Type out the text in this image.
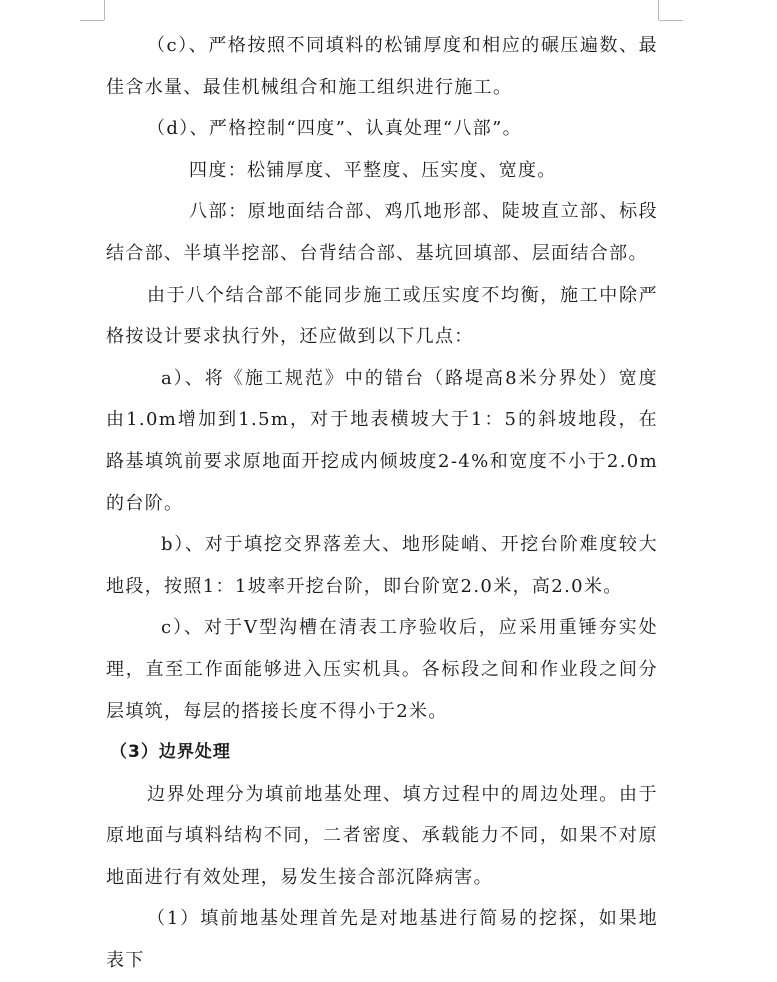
（c）、严格按照不同填料的松铺厚度和相应的碾压遍数、最佳含水量、最佳机械组合和施工组织进行施工。

（d）、严格控制“四度”、认真处理“八部”。

四度：松铺厚度、平整度、压实度、宽度。

八部：原地面结合部、鸡爪地形部、陡坡直立部、标段结合部、半填半挖部、台背结合部、基坑回填部、层面结合部。

由于八个结合部不能同步施工或压实度不均衡，施工中除严格按设计要求执行外，还应做到以下几点：

a）、将《施工规范》中的错台（路堤高8米分界处）宽度由1.0m增加到1.5m，对于地表横坡大于1：5的斜坡地段，在路基填筑前要求原地面开挖成内倾坡度2-4%和宽度不小于2.0m的台阶。

b）、对于填挖交界落差大、地形陡峭、开挖台阶难度较大地段，按照1：1坡率开挖台阶，即台阶宽2.0米，高2.0米。

c）、对于V型沟槽在清表工序验收后，应采用重锤夯实处理，直至工作面能够进入压实机具。各标段之间和作业段之间分层填筑，每层的搭接长度不得小于2米。

（3）边界处理

边界处理分为填前地基处理、填方过程中的周边处理。由于原地面与填料结构不同，二者密度、承载能力不同，如果不对原地面进行有效处理，易发生接合部沉降病害。

（1）填前地基处理首先是对地基进行简易的挖探，如果地表下
